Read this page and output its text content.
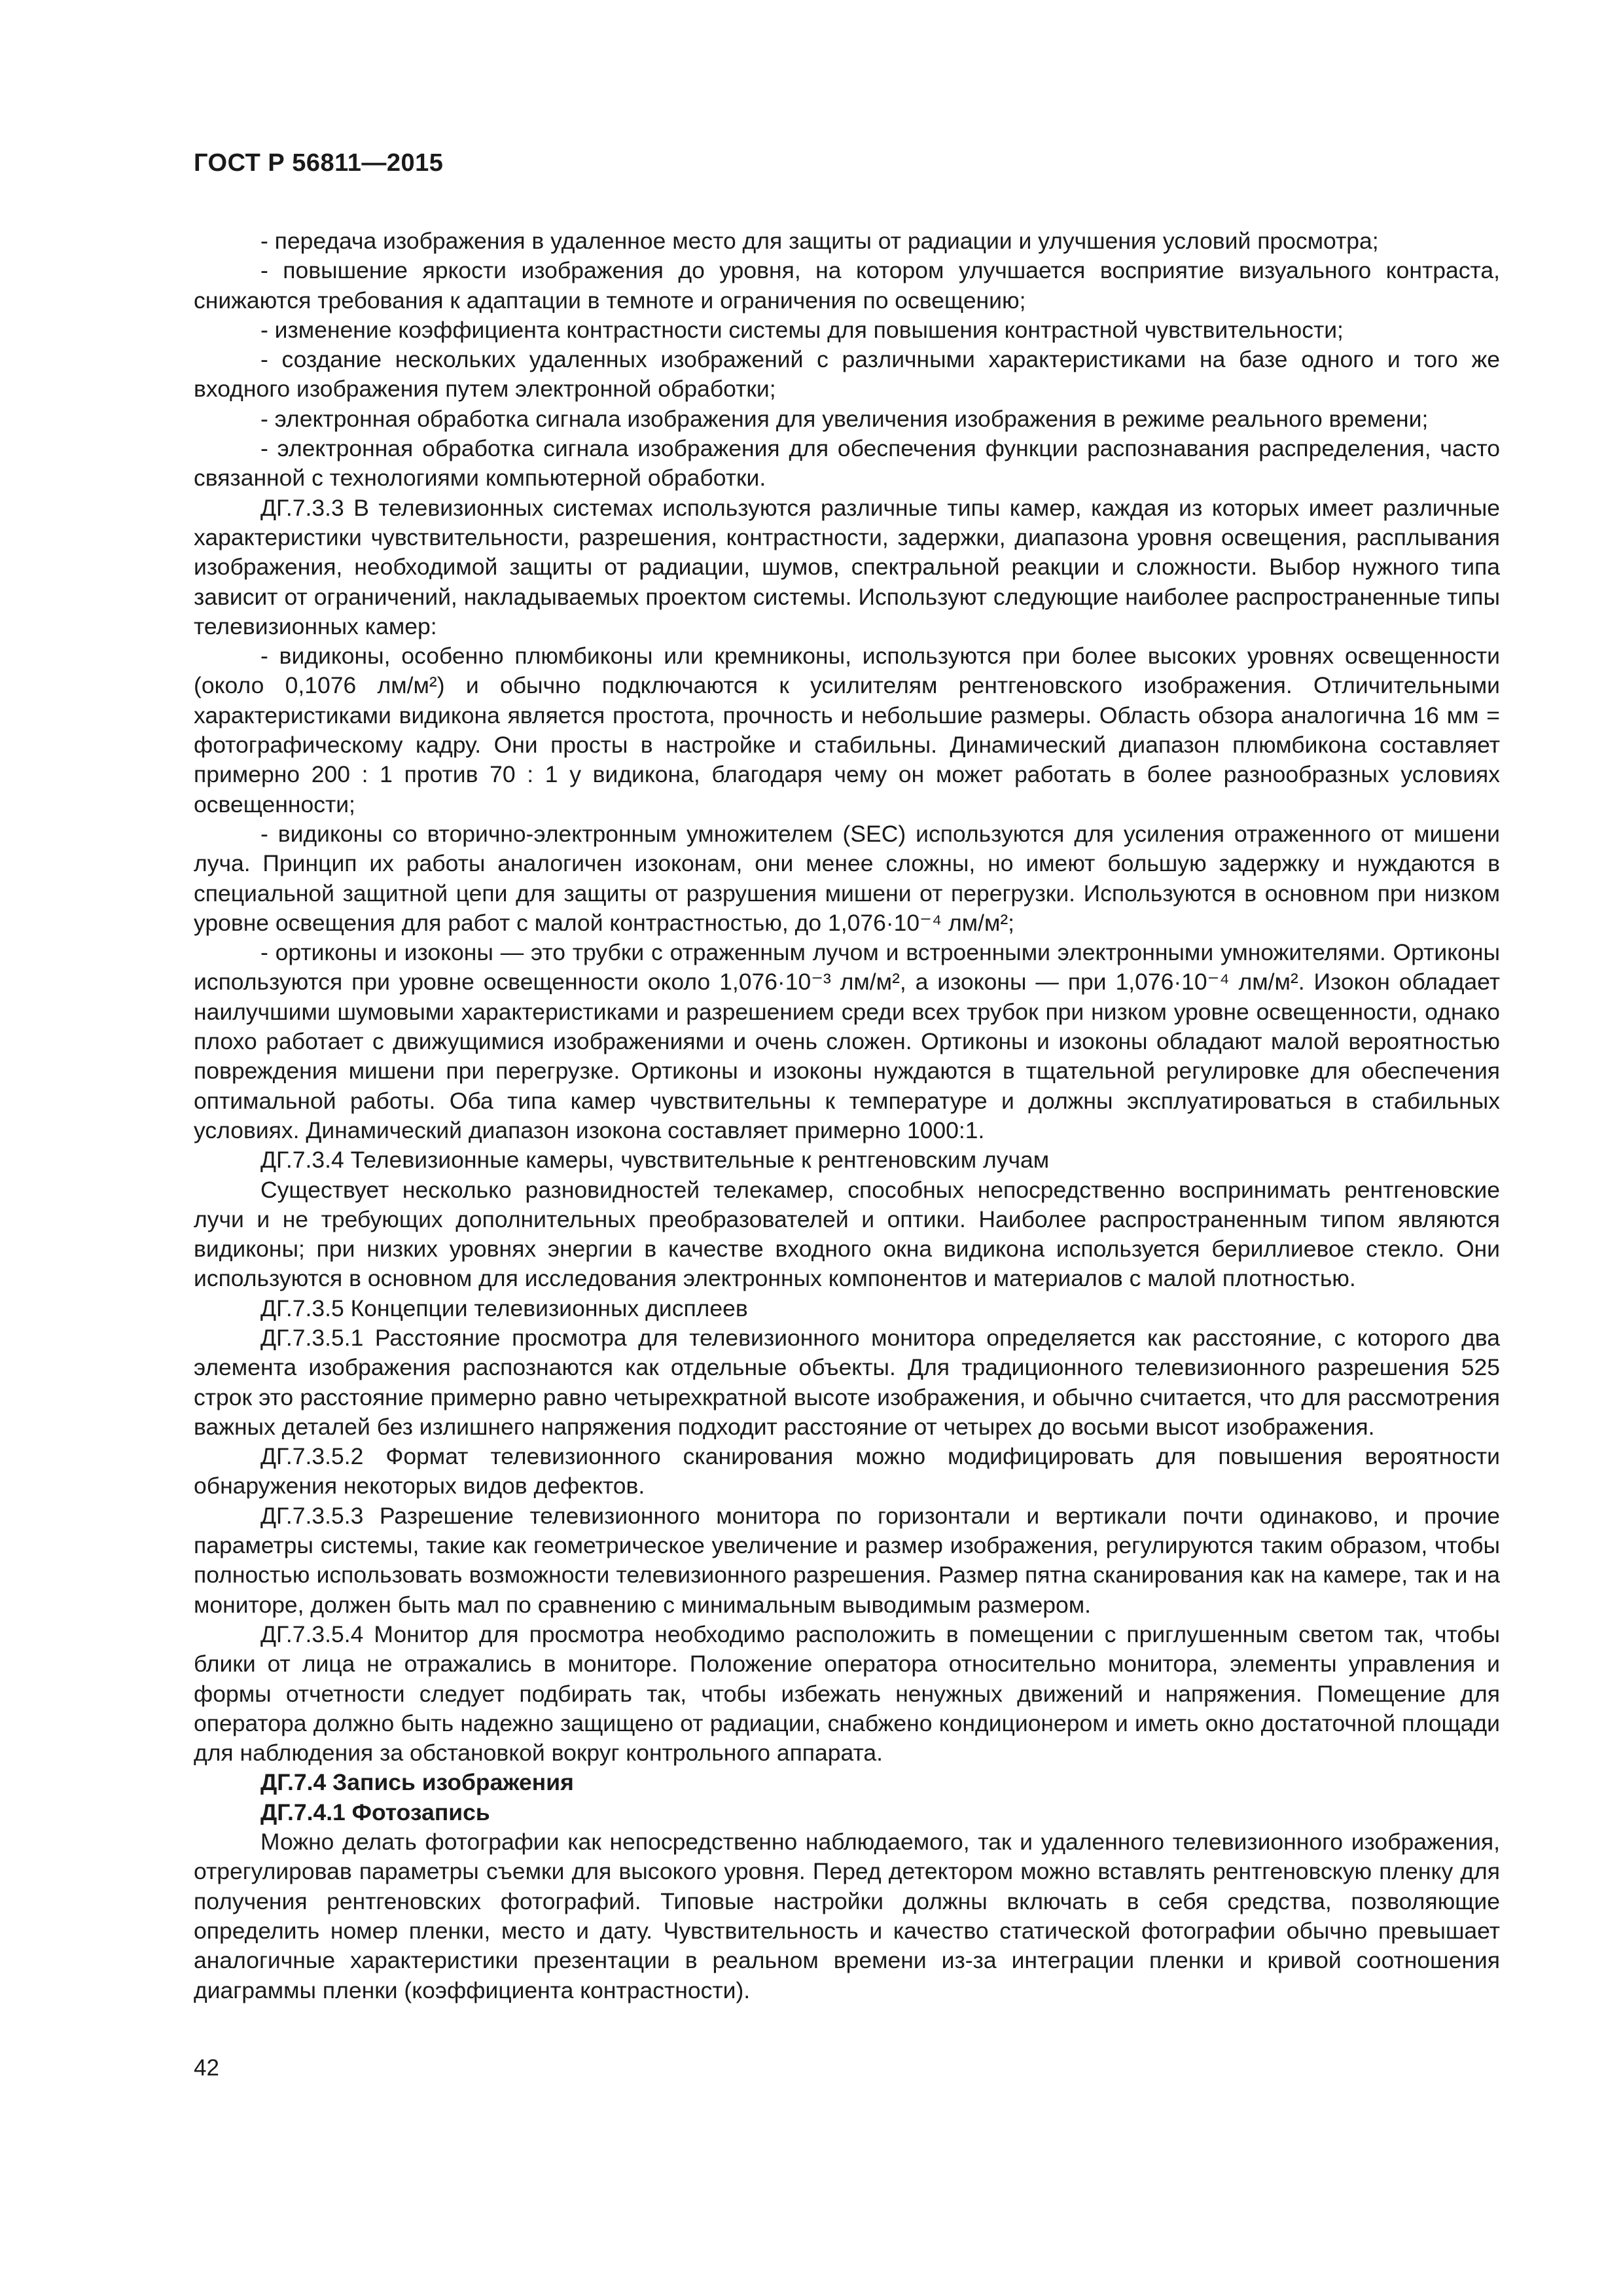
ГОСТ Р 56811—2015

- передача изображения в удаленное место для защиты от радиации и улучшения условий просмотра;

- повышение яркости изображения до уровня, на котором улучшается восприятие визуального контраста, снижаются требования к адаптации в темноте и ограничения по освещению;

- изменение коэффициента контрастности системы для повышения контрастной чувствительности;

- создание нескольких удаленных изображений с различными характеристиками на базе одного и того же входного изображения путем электронной обработки;

- электронная обработка сигнала изображения для увеличения изображения в режиме реального времени;

- электронная обработка сигнала изображения для обеспечения функции распознавания распределения, часто связанной с технологиями компьютерной обработки.

ДГ.7.3.3 В телевизионных системах используются различные типы камер, каждая из которых имеет различные характеристики чувствительности, разрешения, контрастности, задержки, диапазона уровня освещения, расплывания изображения, необходимой защиты от радиации, шумов, спектральной реакции и сложности. Выбор нужного типа зависит от ограничений, накладываемых проектом системы. Используют следующие наиболее распространенные типы телевизионных камер:

- видиконы, особенно плюмбиконы или кремниконы, используются при более высоких уровнях освещенности (около 0,1076 лм/м²) и обычно подключаются к усилителям рентгеновского изображения. Отличительными характеристиками видикона является простота, прочность и небольшие размеры. Область обзора аналогична 16 мм = фотографическому кадру. Они просты в настройке и стабильны. Динамический диапазон плюмбикона составляет примерно 200 : 1 против 70 : 1 у видикона, благодаря чему он может работать в более разнообразных условиях освещенности;

- видиконы со вторично-электронным умножителем (SEC) используются для усиления отраженного от мишени луча. Принцип их работы аналогичен изоконам, они менее сложны, но имеют большую задержку и нуждаются в специальной защитной цепи для защиты от разрушения мишени от перегрузки. Используются в основном при низком уровне освещения для работ с малой контрастностью, до 1,076·10⁻⁴ лм/м²;

- ортиконы и изоконы — это трубки с отраженным лучом и встроенными электронными умножителями. Ортиконы используются при уровне освещенности около 1,076·10⁻³ лм/м², а изоконы — при 1,076·10⁻⁴ лм/м². Изокон обладает наилучшими шумовыми характеристиками и разрешением среди всех трубок при низком уровне освещенности, однако плохо работает с движущимися изображениями и очень сложен. Ортиконы и изоконы обладают малой вероятностью повреждения мишени при перегрузке. Ортиконы и изоконы нуждаются в тщательной регулировке для обеспечения оптимальной работы. Оба типа камер чувствительны к температуре и должны эксплуатироваться в стабильных условиях. Динамический диапазон изокона составляет примерно 1000:1.

ДГ.7.3.4 Телевизионные камеры, чувствительные к рентгеновским лучам

Существует несколько разновидностей телекамер, способных непосредственно воспринимать рентгеновские лучи и не требующих дополнительных преобразователей и оптики. Наиболее распространенным типом являются видиконы; при низких уровнях энергии в качестве входного окна видикона используется бериллиевое стекло. Они используются в основном для исследования электронных компонентов и материалов с малой плотностью.

ДГ.7.3.5 Концепции телевизионных дисплеев

ДГ.7.3.5.1 Расстояние просмотра для телевизионного монитора определяется как расстояние, с которого два элемента изображения распознаются как отдельные объекты. Для традиционного телевизионного разрешения 525 строк это расстояние примерно равно четырехкратной высоте изображения, и обычно считается, что для рассмотрения важных деталей без излишнего напряжения подходит расстояние от четырех до восьми высот изображения.

ДГ.7.3.5.2 Формат телевизионного сканирования можно модифицировать для повышения вероятности обнаружения некоторых видов дефектов.

ДГ.7.3.5.3 Разрешение телевизионного монитора по горизонтали и вертикали почти одинаково, и прочие параметры системы, такие как геометрическое увеличение и размер изображения, регулируются таким образом, чтобы полностью использовать возможности телевизионного разрешения. Размер пятна сканирования как на камере, так и на мониторе, должен быть мал по сравнению с минимальным выводимым размером.

ДГ.7.3.5.4 Монитор для просмотра необходимо расположить в помещении с приглушенным светом так, чтобы блики от лица не отражались в мониторе. Положение оператора относительно монитора, элементы управления и формы отчетности следует подбирать так, чтобы избежать ненужных движений и напряжения. Помещение для оператора должно быть надежно защищено от радиации, снабжено кондиционером и иметь окно достаточной площади для наблюдения за обстановкой вокруг контрольного аппарата.

ДГ.7.4 Запись изображения

ДГ.7.4.1 Фотозапись

Можно делать фотографии как непосредственно наблюдаемого, так и удаленного телевизионного изображения, отрегулировав параметры съемки для высокого уровня. Перед детектором можно вставлять рентгеновскую пленку для получения рентгеновских фотографий. Типовые настройки должны включать в себя средства, позволяющие определить номер пленки, место и дату. Чувствительность и качество статической фотографии обычно превышает аналогичные характеристики презентации в реальном времени из-за интеграции пленки и кривой соотношения диаграммы пленки (коэффициента контрастности).

42
